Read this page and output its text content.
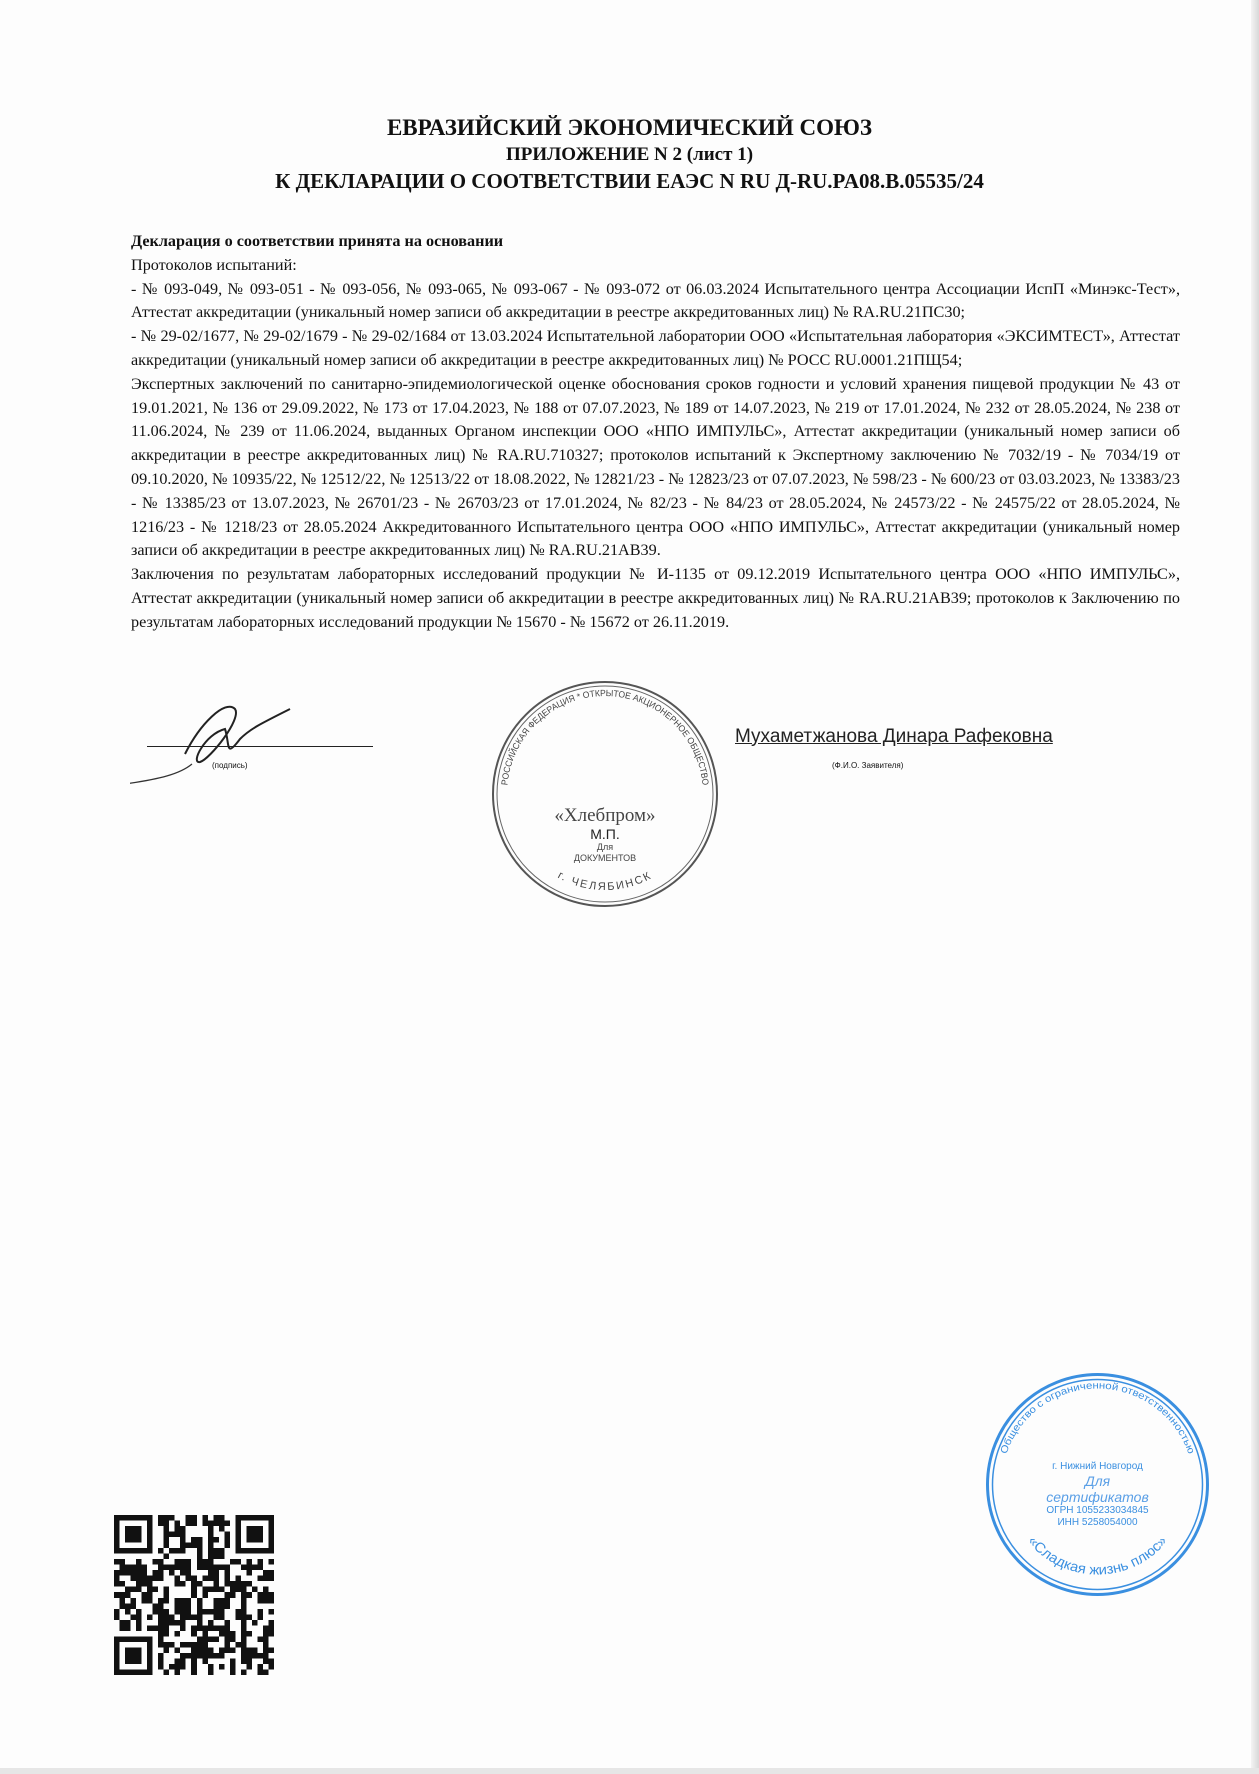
ЕВРАЗИЙСКИЙ ЭКОНОМИЧЕСКИЙ СОЮЗ
ПРИЛОЖЕНИЕ N 2 (лист 1)
К ДЕКЛАРАЦИИ О СООТВЕТСТВИИ ЕАЭС N RU Д-RU.PA08.B.05535/24

Декларация о соответствии принята на основании

Протоколов испытаний:

- № 093-049, № 093-051 - № 093-056, № 093-065, № 093-067 - № 093-072 от 06.03.2024 Испытательного центра Ассоциации ИспП «Минэкс-Тест», Аттестат аккредитации (уникальный номер записи об аккредитации в реестре аккредитованных лиц) № RA.RU.21ПС30;

- № 29-02/1677, № 29-02/1679 - № 29-02/1684 от 13.03.2024 Испытательной лаборатории ООО «Испытательная лаборатория «ЭКСИМТЕСТ», Аттестат аккредитации (уникальный номер записи об аккредитации в реестре аккредитованных лиц) № РОСС RU.0001.21ПЩ54;

Экспертных заключений по санитарно-эпидемиологической оценке обоснования сроков годности и условий хранения пищевой продукции № 43 от 19.01.2021, № 136 от 29.09.2022, № 173 от 17.04.2023, № 188 от 07.07.2023, № 189 от 14.07.2023, № 219 от 17.01.2024, № 232 от 28.05.2024, № 238 от 11.06.2024, № 239 от 11.06.2024, выданных Органом инспекции ООО «НПО ИМПУЛЬС», Аттестат аккредитации (уникальный номер записи об аккредитации в реестре аккредитованных лиц) № RA.RU.710327; протоколов испытаний к Экспертному заключению № 7032/19 - № 7034/19 от 09.10.2020, № 10935/22, № 12512/22, № 12513/22 от 18.08.2022, № 12821/23 - № 12823/23 от 07.07.2023, № 598/23 - № 600/23 от 03.03.2023, № 13383/23 - № 13385/23 от 13.07.2023, № 26701/23 - № 26703/23 от 17.01.2024, № 82/23 - № 84/23 от 28.05.2024, № 24573/22 - № 24575/22 от 28.05.2024, № 1216/23 - № 1218/23 от 28.05.2024 Аккредитованного Испытательного центра ООО «НПО ИМПУЛЬС», Аттестат аккредитации (уникальный номер записи об аккредитации в реестре аккредитованных лиц) № RA.RU.21AB39.

Заключения по результатам лабораторных исследований продукции № И-1135 от 09.12.2019 Испытательного центра ООО «НПО ИМПУЛЬС», Аттестат аккредитации (уникальный номер записи об аккредитации в реестре аккредитованных лиц) № RA.RU.21AB39; протоколов к Заключению по результатам лабораторных исследований продукции № 15670 - № 15672 от 26.11.2019.

(подпись)
РОССИЙСКАЯ ФЕДЕРАЦИЯ * ОТКРЫТОЕ АКЦИОНЕРНОЕ ОБЩЕСТВО
г. ЧЕЛЯБИНСК
«Хлебпром»
М.П.
Для
ДОКУМЕНТОВ
Мухаметжанова Динара Рафековна
(Ф.И.О. Заявителя)
Общество с ограниченной ответственностью
«Сладкая жизнь плюс»
г. Нижний Новгород
Для
сертификатов
ОГРН 1055233034845 ИНН 5258054000
